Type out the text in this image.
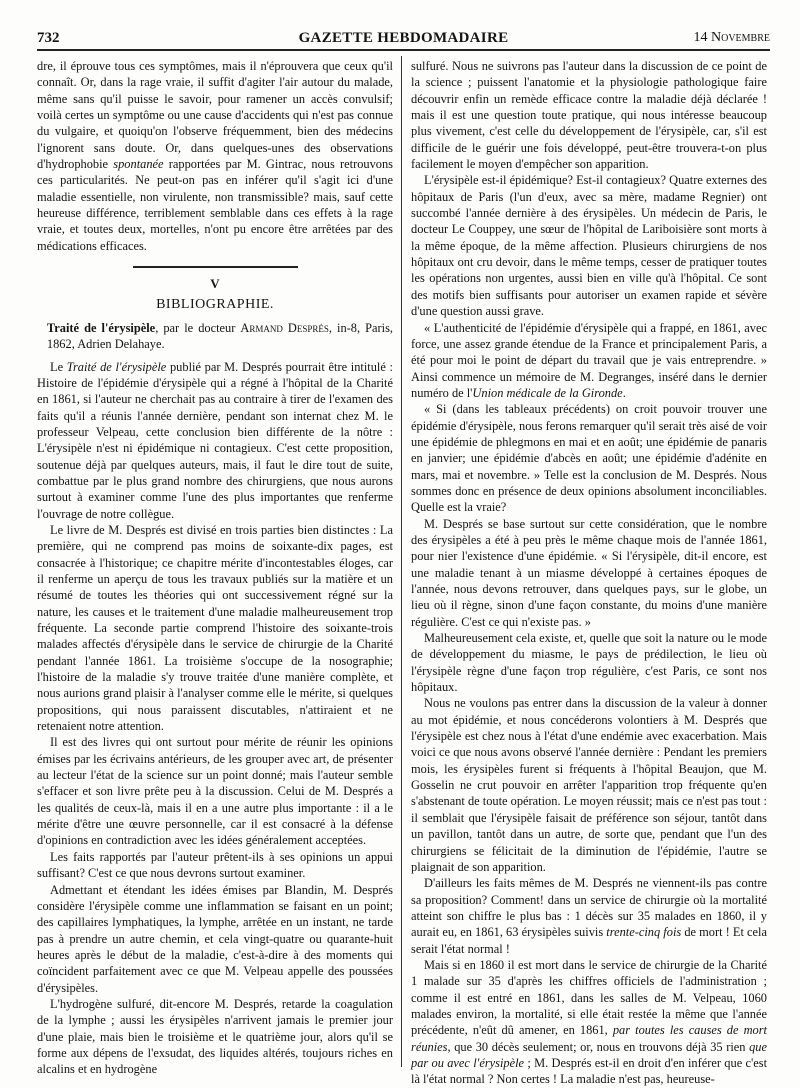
732	GAZETTE HEBDOMADAIRE	14 Novembre

dre, il éprouve tous ces symptômes, mais il n'éprouvera que ceux qu'il connaît. Or, dans la rage vraie, il suffit d'agiter l'air autour du malade, même sans qu'il puisse le savoir, pour ramener un accès convulsif; voilà certes un symptôme ou une cause d'accidents qui n'est pas connue du vulgaire, et quoiqu'on l'observe fréquemment, bien des médecins l'ignorent sans doute. Or, dans quelques-unes des observations d'hydrophobie spontanée rapportées par M. Gintrac, nous retrouvons ces particularités. Ne peut-on pas en inférer qu'il s'agit ici d'une maladie essentielle, non virulente, non transmissible? mais, sauf cette heureuse différence, terriblement semblable dans ces effets à la rage vraie, et toutes deux, mortelles, n'ont pu encore être arrêtées par des médications efficaces.

V
BIBLIOGRAPHIE.

Traité de l'érysipèle, par le docteur Armand Després, in-8, Paris, 1862, Adrien Delahaye.

Le Traité de l'érysipèle publié par M. Després pourrait être intitulé : Histoire de l'épidémie d'érysipèle qui a régné à l'hôpital de la Charité en 1861, si l'auteur ne cherchait pas au contraire à tirer de l'examen des faits qu'il a réunis l'année dernière, pendant son internat chez M. le professeur Velpeau, cette conclusion bien différente de la nôtre : L'érysipèle n'est ni épidémique ni contagieux. C'est cette proposition, soutenue déjà par quelques auteurs, mais, il faut le dire tout de suite, combattue par le plus grand nombre des chirurgiens, que nous aurons surtout à examiner comme l'une des plus importantes que renferme l'ouvrage de notre collègue.

Le livre de M. Després est divisé en trois parties bien distinctes : La première, qui ne comprend pas moins de soixante-dix pages, est consacrée à l'historique; ce chapitre mérite d'incontestables éloges, car il renferme un aperçu de tous les travaux publiés sur la matière et un résumé de toutes les théories qui ont successivement régné sur la nature, les causes et le traitement d'une maladie malheureusement trop fréquente. La seconde partie comprend l'histoire des soixante-trois malades affectés d'érysipèle dans le service de chirurgie de la Charité pendant l'année 1861. La troisième s'occupe de la nosographie; l'histoire de la maladie s'y trouve traitée d'une manière complète, et nous aurions grand plaisir à l'analyser comme elle le mérite, si quelques propositions, qui nous paraissent discutables, n'attiraient et ne retenaient notre attention.

Il est des livres qui ont surtout pour mérite de réunir les opinions émises par les écrivains antérieurs, de les grouper avec art, de présenter au lecteur l'état de la science sur un point donné; mais l'auteur semble s'effacer et son livre prête peu à la discussion. Celui de M. Després a les qualités de ceux-là, mais il en a une autre plus importante : il a le mérite d'être une œuvre personnelle, car il est consacré à la défense d'opinions en contradiction avec les idées généralement acceptées.

Les faits rapportés par l'auteur prêtent-ils à ses opinions un appui suffisant? C'est ce que nous devrons surtout examiner.

Admettant et étendant les idées émises par Blandin, M. Després considère l'érysipèle comme une inflammation se faisant en un point; des capillaires lymphatiques, la lymphe, arrêtée en un instant, ne tarde pas à prendre un autre chemin, et cela vingt-quatre ou quarante-huit heures après le début de la maladie, c'est-à-dire à des moments qui coïncident parfaitement avec ce que M. Velpeau appelle des poussées d'érysipèles.

L'hydrogène sulfuré, dit-encore M. Després, retarde la coagulation de la lymphe ; aussi les érysipèles n'arrivent jamais le premier jour d'une plaie, mais bien le troisième et le quatrième jour, alors qu'il se forme aux dépens de l'exsudat, des liquides altérés, toujours riches en alcalins et en hydrogène

sulfuré. Nous ne suivrons pas l'auteur dans la discussion de ce point de la science ; puissent l'anatomie et la physiologie pathologique faire découvrir enfin un remède efficace contre la maladie déjà déclarée ! mais il est une question toute pratique, qui nous intéresse beaucoup plus vivement, c'est celle du développement de l'érysipèle, car, s'il est difficile de le guérir une fois développé, peut-être trouvera-t-on plus facilement le moyen d'empêcher son apparition.

L'érysipèle est-il épidémique? Est-il contagieux? Quatre externes des hôpitaux de Paris (l'un d'eux, avec sa mère, madame Regnier) ont succombé l'année dernière à des érysipèles. Un médecin de Paris, le docteur Le Couppey, une sœur de l'hôpital de Lariboisière sont morts à la même époque, de la même affection. Plusieurs chirurgiens de nos hôpitaux ont cru devoir, dans le même temps, cesser de pratiquer toutes les opérations non urgentes, aussi bien en ville qu'à l'hôpital. Ce sont des motifs bien suffisants pour autoriser un examen rapide et sévère d'une question aussi grave.

« L'authenticité de l'épidémie d'érysipèle qui a frappé, en 1861, avec force, une assez grande étendue de la France et principalement Paris, a été pour moi le point de départ du travail que je vais entreprendre. » Ainsi commence un mémoire de M. Degranges, inséré dans le dernier numéro de l'Union médicale de la Gironde.

« Si (dans les tableaux précédents) on croit pouvoir trouver une épidémie d'érysipèle, nous ferons remarquer qu'il serait très aisé de voir une épidémie de phlegmons en mai et en août; une épidémie de panaris en janvier; une épidémie d'abcès en août; une épidémie d'adénite en mars, mai et novembre. » Telle est la conclusion de M. Després. Nous sommes donc en présence de deux opinions absolument inconciliables. Quelle est la vraie?

M. Després se base surtout sur cette considération, que le nombre des érysipèles a été à peu près le même chaque mois de l'année 1861, pour nier l'existence d'une épidémie. « Si l'érysipèle, dit-il encore, est une maladie tenant à un miasme développé à certaines époques de l'année, nous devons retrouver, dans quelques pays, sur le globe, un lieu où il règne, sinon d'une façon constante, du moins d'une manière régulière. C'est ce qui n'existe pas. »

Malheureusement cela existe, et, quelle que soit la nature ou le mode de développement du miasme, le pays de prédilection, le lieu où l'érysipèle règne d'une façon trop régulière, c'est Paris, ce sont nos hôpitaux.

Nous ne voulons pas entrer dans la discussion de la valeur à donner au mot épidémie, et nous concéderons volontiers à M. Després que l'érysipèle est chez nous à l'état d'une endémie avec exacerbation. Mais voici ce que nous avons observé l'année dernière : Pendant les premiers mois, les érysipèles furent si fréquents à l'hôpital Beaujon, que M. Gosselin ne crut pouvoir en arrêter l'apparition trop fréquente qu'en s'abstenant de toute opération. Le moyen réussit; mais ce n'est pas tout : il semblait que l'érysipèle faisait de préférence son séjour, tantôt dans un pavillon, tantôt dans un autre, de sorte que, pendant que l'un des chirurgiens se félicitait de la diminution de l'épidémie, l'autre se plaignait de son apparition.

D'ailleurs les faits mêmes de M. Després ne viennent-ils pas contre sa proposition? Comment! dans un service de chirurgie où la mortalité atteint son chiffre le plus bas : 1 décès sur 35 malades en 1860, il y aurait eu, en 1861, 63 érysipèles suivis trente-cinq fois de mort ! Et cela serait l'état normal !

Mais si en 1860 il est mort dans le service de chirurgie de la Charité 1 malade sur 35 d'après les chiffres officiels de l'administration ; comme il est entré en 1861, dans les salles de M. Velpeau, 1060 malades environ, la mortalité, si elle était restée la même que l'année précédente, n'eût dû amener, en 1861, par toutes les causes de mort réunies, que 30 décès seulement; or, nous en trouvons déjà 35 rien que par ou avec l'érysipèle ; M. Després est-il en droit d'en inférer que c'est là l'état normal ? Non certes ! La maladie n'est pas, heureuse-
